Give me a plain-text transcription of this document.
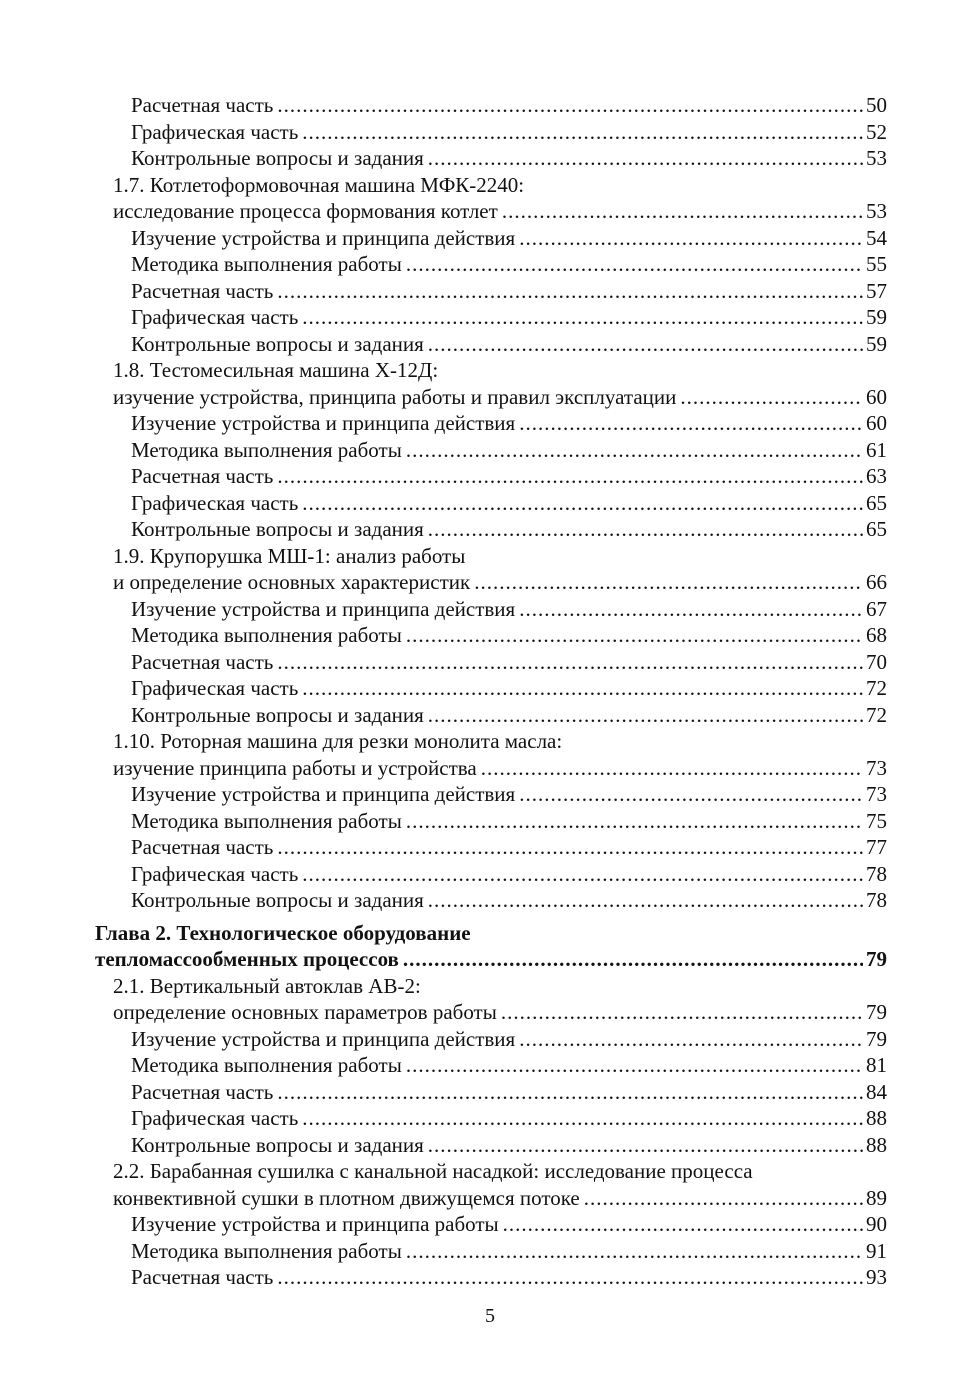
Расчетная часть .....	50
Графическая часть .....	52
Контрольные вопросы и задания .....	53
1.7. Котлетоформовочная машина МФК-2240:
исследование процесса формования котлет .....	53
Изучение устройства и принципа действия .....	54
Методика выполнения работы .....	55
Расчетная часть .....	57
Графическая часть .....	59
Контрольные вопросы и задания .....	59
1.8. Тестомесильная машина Х-12Д:
изучение устройства, принципа работы и правил эксплуатации .....	60
Изучение устройства и принципа действия .....	60
Методика выполнения работы .....	61
Расчетная часть .....	63
Графическая часть .....	65
Контрольные вопросы и задания .....	65
1.9. Крупорушка МШ-1: анализ работы
и определение основных характеристик .....	66
Изучение устройства и принципа действия .....	67
Методика выполнения работы .....	68
Расчетная часть .....	70
Графическая часть .....	72
Контрольные вопросы и задания .....	72
1.10. Роторная машина для резки монолита масла:
изучение принципа работы и устройства .....	73
Изучение устройства и принципа действия .....	73
Методика выполнения работы .....	75
Расчетная часть .....	77
Графическая часть .....	78
Контрольные вопросы и задания .....	78
Глава 2. Технологическое оборудование
тепломассообменных процессов .....	79
2.1. Вертикальный автоклав АВ-2:
определение основных параметров работы .....	79
Изучение устройства и принципа действия .....	79
Методика выполнения работы .....	81
Расчетная часть .....	84
Графическая часть .....	88
Контрольные вопросы и задания .....	88
2.2. Барабанная сушилка с канальной насадкой: исследование процесса
конвективной сушки в плотном движущемся потоке .....	89
Изучение устройства и принципа работы .....	90
Методика выполнения работы .....	91
Расчетная часть .....	93
5
